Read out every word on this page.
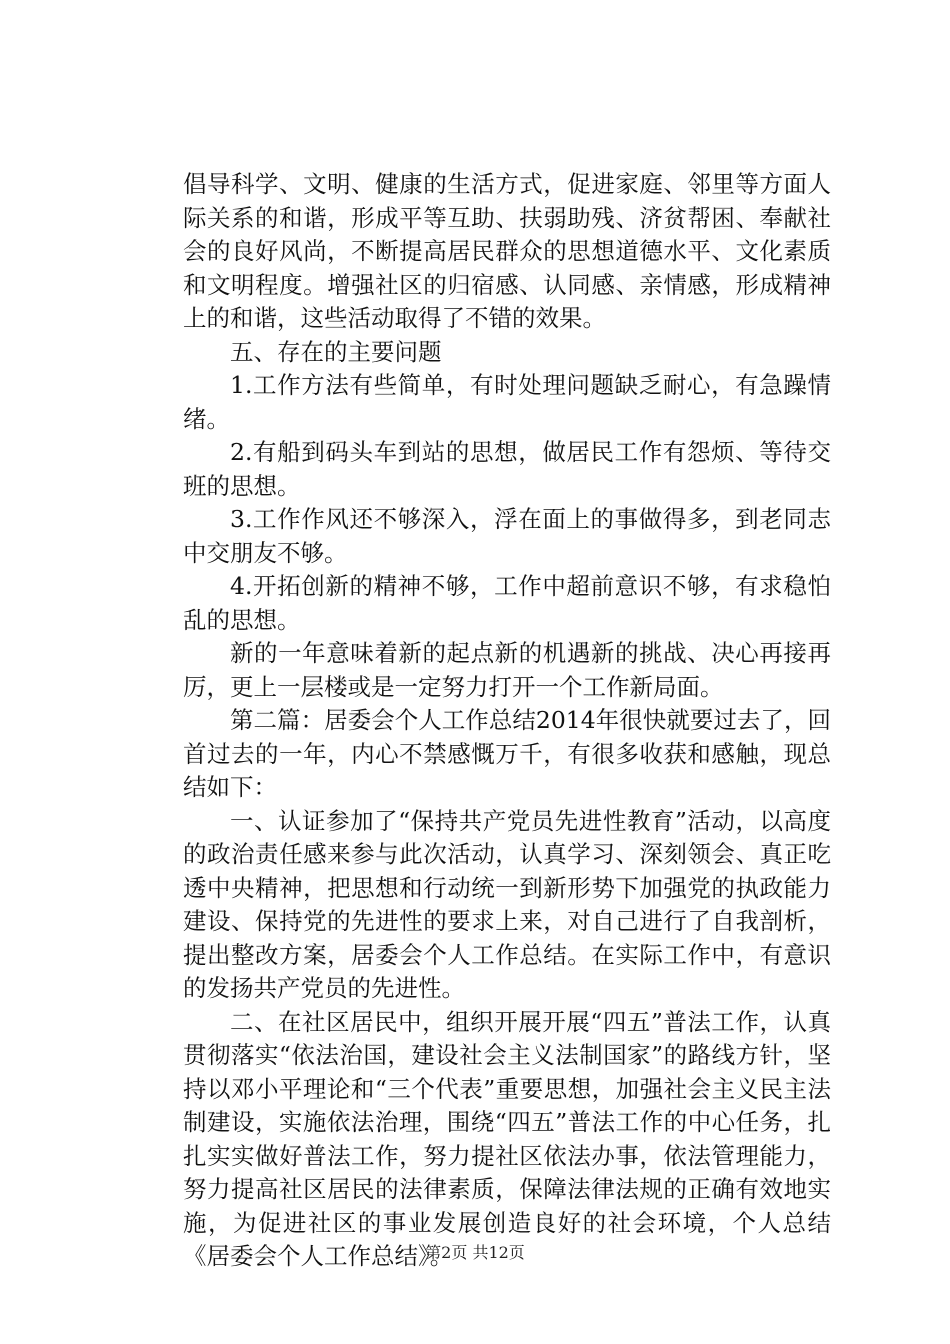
倡导科学、文明、健康的生活方式，促进家庭、邻里等方面人际关系的和谐，形成平等互助、扶弱助残、济贫帮困、奉献社会的良好风尚，不断提高居民群众的思想道德水平、文化素质和文明程度。增强社区的归宿感、认同感、亲情感，形成精神上的和谐，这些活动取得了不错的效果。

五、存在的主要问题

1.工作方法有些简单，有时处理问题缺乏耐心，有急躁情绪。

2.有船到码头车到站的思想，做居民工作有怨烦、等待交班的思想。

3.工作作风还不够深入，浮在面上的事做得多，到老同志中交朋友不够。

4.开拓创新的精神不够，工作中超前意识不够，有求稳怕乱的思想。

新的一年意味着新的起点新的机遇新的挑战、决心再接再厉，更上一层楼或是一定努力打开一个工作新局面。

第二篇：居委会个人工作总结2014年很快就要过去了，回首过去的一年，内心不禁感慨万千，有很多收获和感触，现总结如下：

一、认证参加了“保持共产党员先进性教育”活动，以高度的政治责任感来参与此次活动，认真学习、深刻领会、真正吃透中央精神，把思想和行动统一到新形势下加强党的执政能力建设、保持党的先进性的要求上来，对自己进行了自我剖析，提出整改方案，居委会个人工作总结。在实际工作中，有意识的发扬共产党员的先进性。

二、在社区居民中，组织开展开展“四五”普法工作，认真贯彻落实“依法治国，建设社会主义法制国家”的路线方针，坚持以邓小平理论和“三个代表”重要思想，加强社会主义民主法制建设，实施依法治理，围绕“四五”普法工作的中心任务，扎扎实实做好普法工作，努力提社区依法办事，依法管理能力，努力提高社区居民的法律素质，保障法律法规的正确有效地实施，为促进社区的事业发展创造良好的社会环境，个人总结《居委会个人工作总结》。

第2页 共12页
